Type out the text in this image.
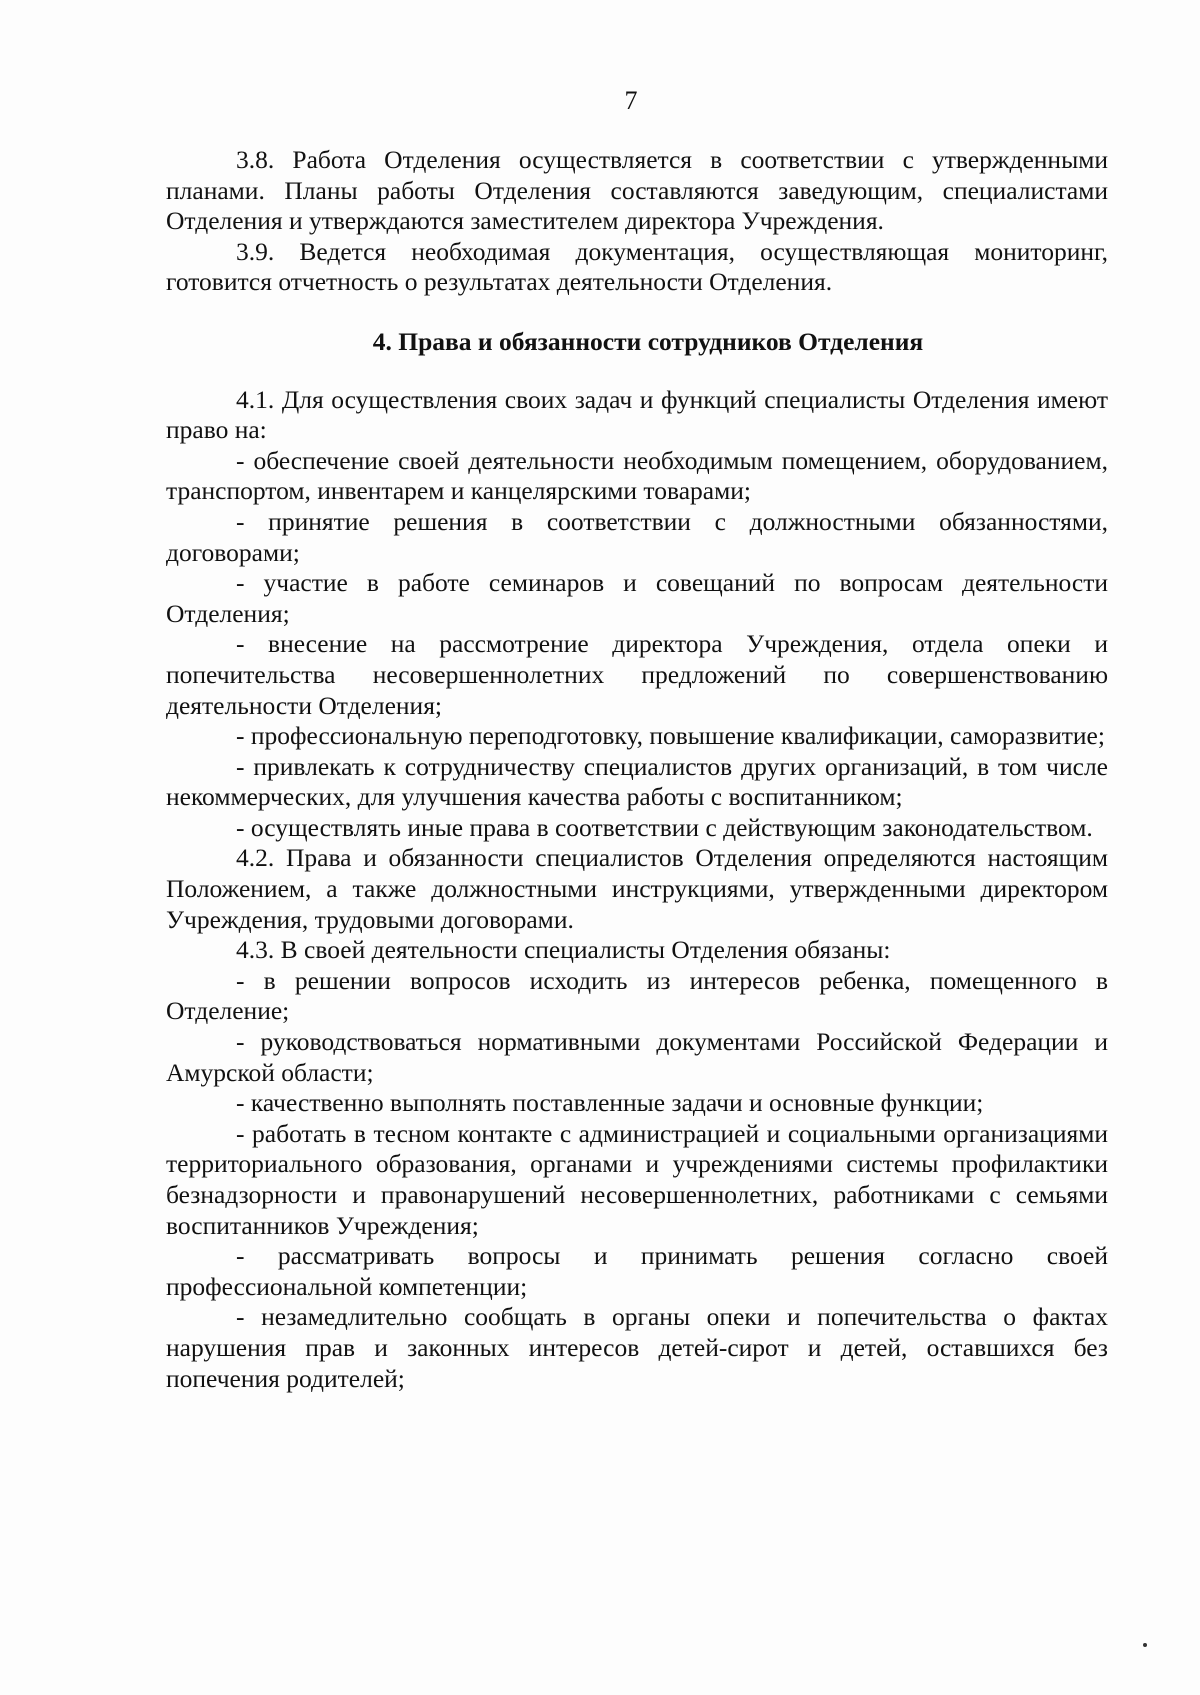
7

3.8. Работа Отделения осуществляется в соответствии с утвержденными планами. Планы работы Отделения составляются заведующим, специалистами Отделения и утверждаются заместителем директора Учреждения.

3.9. Ведется необходимая документация, осуществляющая мониторинг, готовится отчетность о результатах деятельности Отделения.

4. Права и обязанности сотрудников Отделения

4.1. Для осуществления своих задач и функций специалисты Отделения имеют право на:

- обеспечение своей деятельности необходимым помещением, оборудованием, транспортом, инвентарем и канцелярскими товарами;

- принятие решения в соответствии с должностными обязанностями, договорами;

- участие в работе семинаров и совещаний по вопросам деятельности Отделения;

- внесение на рассмотрение директора Учреждения, отдела опеки и попечительства несовершеннолетних предложений по совершенствованию деятельности Отделения;

- профессиональную переподготовку, повышение квалификации, саморазвитие;

- привлекать к сотрудничеству специалистов других организаций, в том числе некоммерческих, для улучшения качества работы с воспитанником;

- осуществлять иные права в соответствии с действующим законодательством.

4.2. Права и обязанности специалистов Отделения определяются настоящим Положением, а также должностными инструкциями, утвержденными директором Учреждения, трудовыми договорами.

4.3. В своей деятельности специалисты Отделения обязаны:

- в решении вопросов исходить из интересов ребенка, помещенного в Отделение;

- руководствоваться нормативными документами Российской Федерации и Амурской области;

- качественно выполнять поставленные задачи и основные функции;

- работать в тесном контакте с администрацией и социальными организациями территориального образования, органами и учреждениями системы профилактики безнадзорности и правонарушений несовершеннолетних, работниками с семьями воспитанников Учреждения;

- рассматривать вопросы и принимать решения согласно своей профессиональной компетенции;

- незамедлительно сообщать в органы опеки и попечительства о фактах нарушения прав и законных интересов детей-сирот и детей, оставшихся без попечения родителей;
